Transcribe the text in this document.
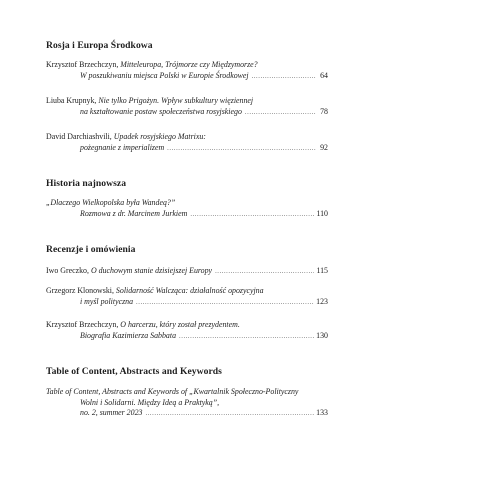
Rosja i Europa Środkowa
Krzysztof Brzechczyn, Mitteleuropa, Trójmorze czy Międzymorze?
W poszukiwaniu miejsca Polski w Europie Środkowej .....	64
Liuba Krupnyk, Nie tylko Prigożyn. Wpływ subkultury więziennej
na kształtowanie postaw społeczeństwa rosyjskiego .....	78
David Darchiashvili, Upadek rosyjskiego Matrixu:
pożegnanie z imperializem .....	92
Historia najnowsza
„Dlaczego Wielkopolska była Wandeą?”
Rozmowa z dr. Marcinem Jurkiem .....	110
Recenzje i omówienia
Iwo Greczko,
O duchowym stanie dzisiejszej Europy .....	115
Grzegorz Klonowski, Solidarność Walcząca: działalność opozycyjna
i myśl polityczna .....	123
Krzysztof Brzechczyn, O harcerzu, który został prezydentem.
Biografia Kazimierza Sabbata .....	130
Table of Content, Abstracts and Keywords
Table of Content, Abstracts and Keywords of „Kwartalnik Społeczno-Polityczny
Wolni i Solidarni. Między Ideą a Praktyką”,
no. 2, summer 2023 .....	133
